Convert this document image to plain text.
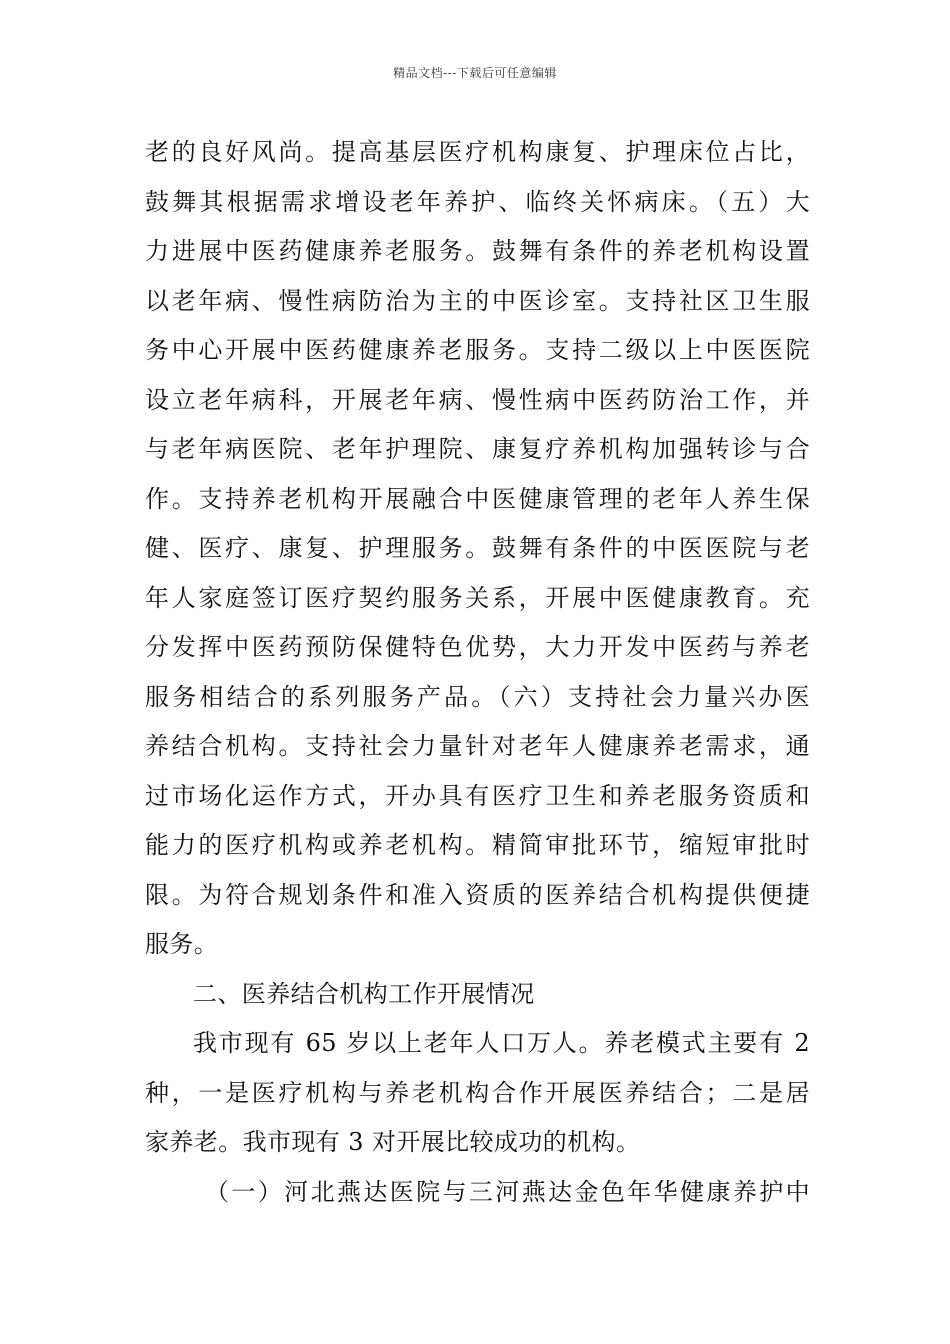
精品文档---下载后可任意编辑
老的良好风尚。提高基层医疗机构康复、护理床位占比，
鼓舞其根据需求增设老年养护、临终关怀病床。（五）大
力进展中医药健康养老服务。鼓舞有条件的养老机构设置
以老年病、慢性病防治为主的中医诊室。支持社区卫生服
务中心开展中医药健康养老服务。支持二级以上中医医院
设立老年病科，开展老年病、慢性病中医药防治工作，并
与老年病医院、老年护理院、康复疗养机构加强转诊与合
作。支持养老机构开展融合中医健康管理的老年人养生保
健、医疗、康复、护理服务。鼓舞有条件的中医医院与老
年人家庭签订医疗契约服务关系，开展中医健康教育。充
分发挥中医药预防保健特色优势，大力开发中医药与养老
服务相结合的系列服务产品。（六）支持社会力量兴办医
养结合机构。支持社会力量针对老年人健康养老需求，通
过市场化运作方式，开办具有医疗卫生和养老服务资质和
能力的医疗机构或养老机构。精简审批环节，缩短审批时
限。为符合规划条件和准入资质的医养结合机构提供便捷
服务。
二、医养结合机构工作开展情况
我市现有 65 岁以上老年人口万人。养老模式主要有 2
种，一是医疗机构与养老机构合作开展医养结合；二是居
家养老。我市现有 3 对开展比较成功的机构。
（一）河北燕达医院与三河燕达金色年华健康养护中
